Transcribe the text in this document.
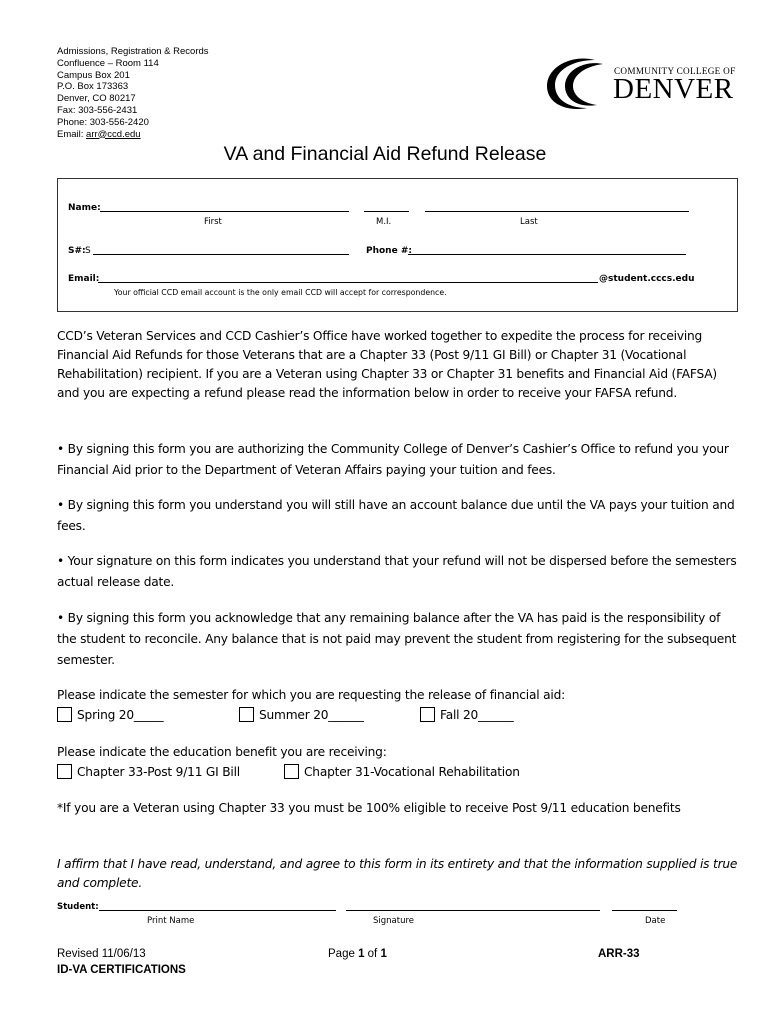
Admissions, Registration & Records
Confluence – Room 114
Campus Box 201
P.O. Box 173363
Denver, CO 80217
Fax: 303-556-2431
Phone: 303-556-2420
Email: arr@ccd.edu
COMMUNITY COLLEGE OF
DENVER
VA and Financial Aid Refund Release
Name:
First	M.I.	Last
S#: S	Phone #:
Email:	@student.cccs.edu
Your official CCD email account is the only email CCD will accept for correspondence.
CCD’s Veteran Services and CCD Cashier’s Office have worked together to expedite the process for receiving Financial Aid Refunds for those Veterans that are a Chapter 33 (Post 9/11 GI Bill) or Chapter 31 (Vocational Rehabilitation) recipient. If you are a Veteran using Chapter 33 or Chapter 31 benefits and Financial Aid (FAFSA) and you are expecting a refund please read the information below in order to receive your FAFSA refund.
• By signing this form you are authorizing the Community College of Denver’s Cashier’s Office to refund you your Financial Aid prior to the Department of Veteran Affairs paying your tuition and fees.
• By signing this form you understand you will still have an account balance due until the VA pays your tuition and fees.
• Your signature on this form indicates you understand that your refund will not be dispersed before the semesters actual release date.
• By signing this form you acknowledge that any remaining balance after the VA has paid is the responsibility of the student to reconcile. Any balance that is not paid may prevent the student from registering for the subsequent semester.
Please indicate the semester for which you are requesting the release of financial aid:
Spring 20_____	Summer 20______	Fall 20______
Please indicate the education benefit you are receiving:
Chapter 33-Post 9/11 GI Bill	Chapter 31-Vocational Rehabilitation
*If you are a Veteran using Chapter 33 you must be 100% eligible to receive Post 9/11 education benefits
I affirm that I have read, understand, and agree to this form in its entirety and that the information supplied is true and complete.
Student:
Print Name	Signature	Date
Revised 11/06/13
ID-VA CERTIFICATIONS
Page 1 of 1	ARR-33
